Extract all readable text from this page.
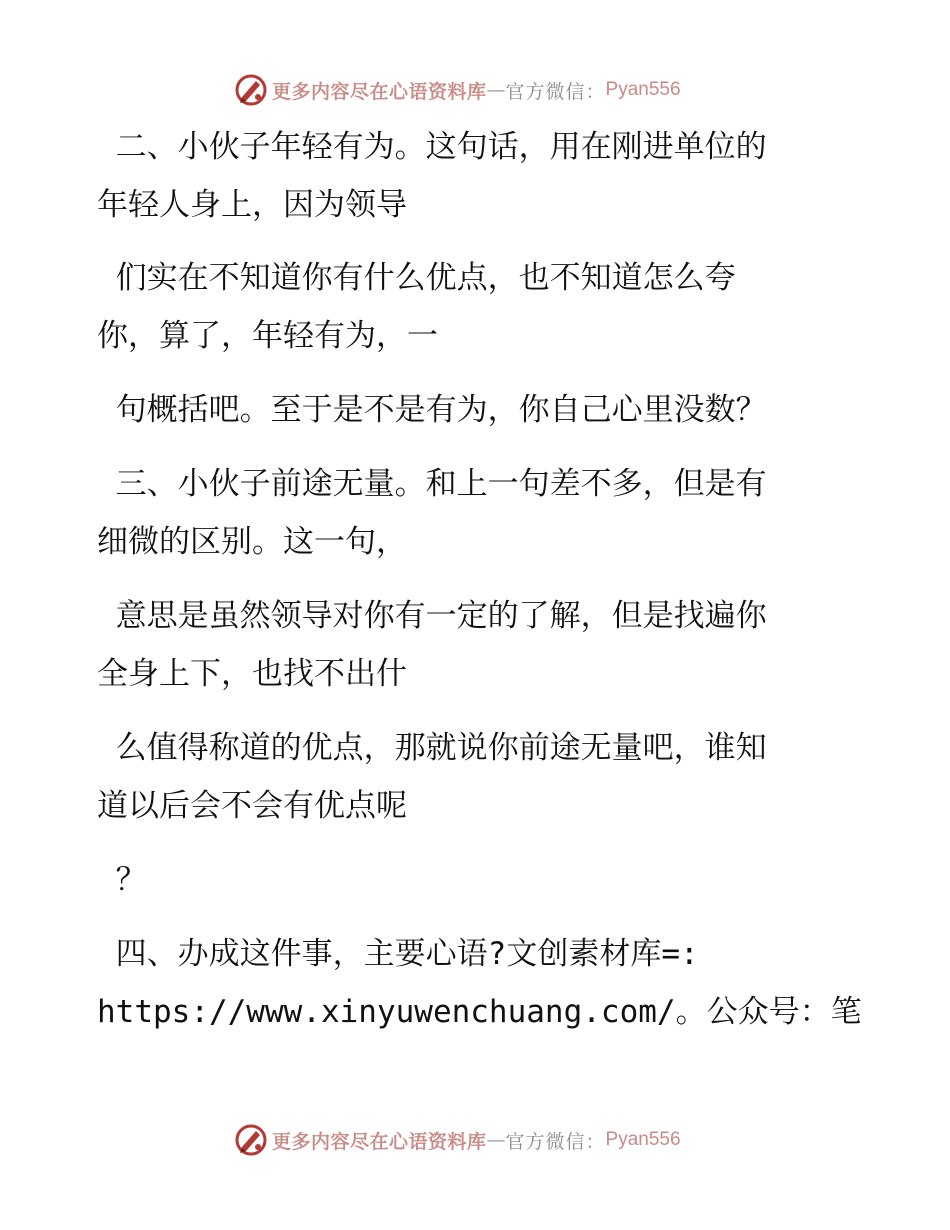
更多内容尽在心语资料库 — 官方微信： Pyan556
二、小伙子年轻有为。这句话，用在刚进单位的
年轻人身上，因为领导
们实在不知道你有什么优点，也不知道怎么夸
你，算了，年轻有为，一
句概括吧。至于是不是有为，你自己心里没数？
三、小伙子前途无量。和上一句差不多，但是有
细微的区别。这一句，
意思是虽然领导对你有一定的了解，但是找遍你
全身上下，也找不出什
么值得称道的优点，那就说你前途无量吧，谁知
道以后会不会有优点呢
？
四、办成这件事，主要心语?文创素材库=:
https://www.xinyuwenchuang.com/。公众号：笔
更多内容尽在心语资料库 — 官方微信： Pyan556
